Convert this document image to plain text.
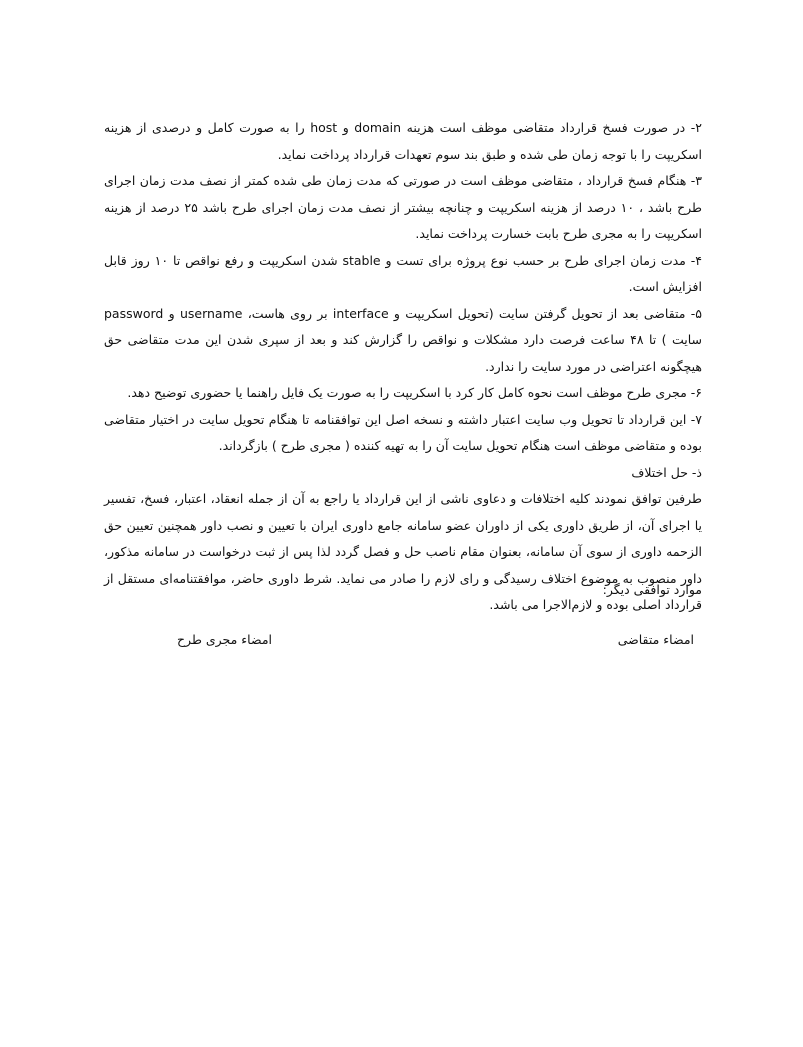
۲- در صورت فسخ قرارداد متقاضی موظف است هزینه domain و host را به صورت کامل و درصدی از هزینه اسکریپت را با توجه زمان طی شده و طبق بند سوم تعهدات قرارداد پرداخت نماید.

۳- هنگام فسخ قرارداد ، متقاضی موظف است در صورتی که مدت زمان طی شده کمتر از نصف مدت زمان اجرای طرح باشد ، ۱۰ درصد از هزینه اسکریپت و چنانچه بیشتر از نصف مدت زمان اجرای طرح باشد ۲۵ درصد از هزینه اسکریپت را به مجری طرح بابت خسارت پرداخت نماید.

۴- مدت زمان اجرای طرح بر حسب نوع پروژه برای تست و stable شدن اسکریپت و رفع نواقص تا ۱۰ روز قابل افزایش است.

۵- متقاضی بعد از تحویل گرفتن سایت (تحویل اسکریپت و interface بر روی هاست، username و password سایت ) تا ۴۸ ساعت فرصت دارد مشکلات و نواقص را گزارش کند و بعد از سپری شدن این مدت متقاضی حق هیچگونه اعتراضی در مورد سایت را ندارد.

۶- مجری طرح موظف است نحوه کامل کار کرد با اسکریپت را به صورت یک فایل راهنما یا حضوری توضیح دهد.

۷- این قرارداد تا تحویل وب سایت اعتبار داشته و نسخه اصل این توافقنامه تا هنگام تحویل سایت در اختیار متقاضی بوده و متقاضی موظف است هنگام تحویل سایت آن را به تهیه کننده ( مجری طرح ) بازگرداند.

ذ- حل اختلاف

طرفین توافق نمودند کلیه اختلافات و دعاوی ناشی از این قرارداد یا راجع به آن از جمله انعقاد، اعتبار، فسخ، تفسیر یا اجرای آن، از طریق داوری یکی از داوران عضو سامانه جامع داوری ایران با تعیین و نصب داور همچنین تعیین حق الزحمه داوری از سوی آن سامانه، بعنوان مقام ناصب حل و فصل گردد لذا پس از ثبت درخواست در سامانه مذکور، داور منصوب به موضوع اختلاف رسیدگی و رای لازم را صادر می نماید. شرط داوری حاضر، موافقتنامه‌ای مستقل از قرارداد اصلی بوده و لازم‌الاجرا می باشد.

موارد توافقی دیگر:
امضاء متقاضی
امضاء مجری طرح
